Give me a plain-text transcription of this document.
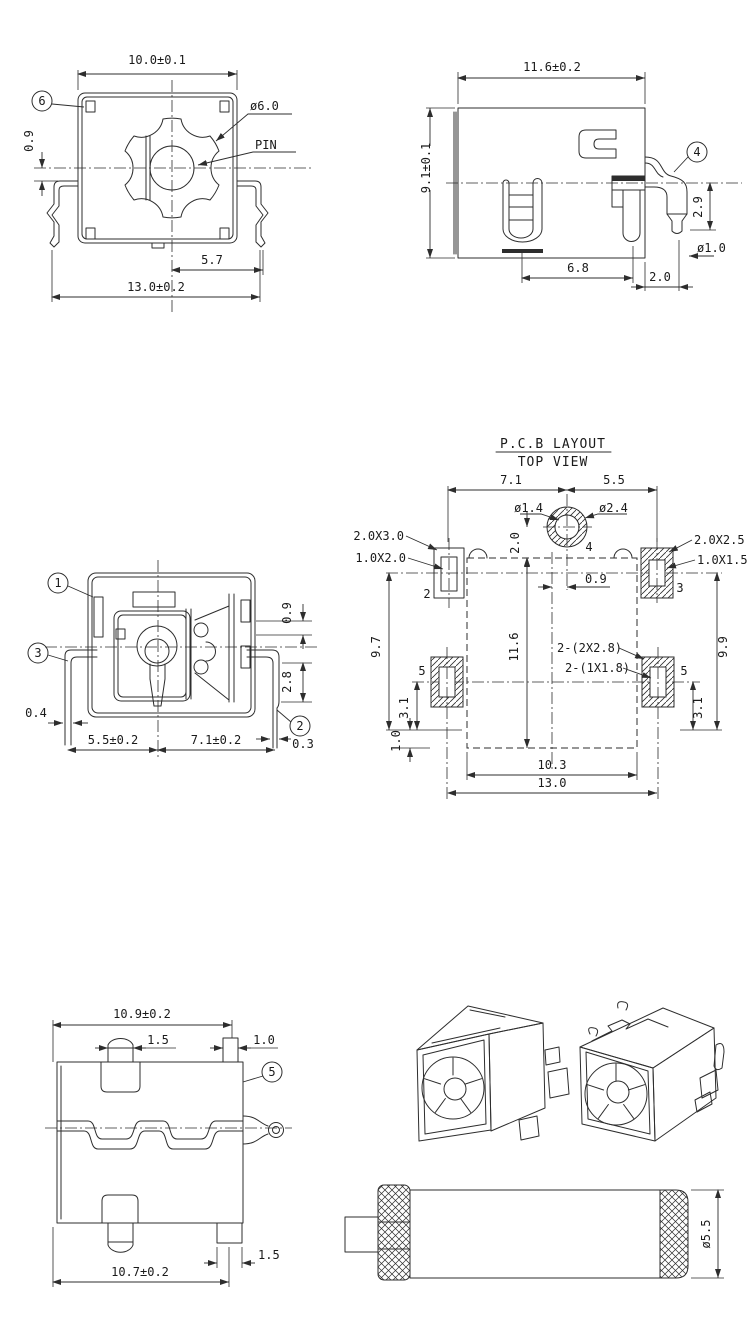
10.0±0.1
ø6.0
PIN
0.9
5.7
13.0±0.2
6
4
9.1±0.1
11.6±0.2
2.9
ø1.0
6.8
2.0
1
3
2
0.9
2.8
0.4
0.3
5.5±0.2	7.1±0.2
P.C.B LAYOUT
TOP VIEW
2.0X3.0
1.0X2.0
2
2.0X2.5
1.0X1.5
3
4
5	5
ø1.4	ø2.4
2-(2X2.8)
2-(1X1.8)
7.1	5.5
2.0
0.9
9.7
1.0
11.6	9.9
3.1	3.1
10.3
13.0
10.9±0.2
1.5	1.0
5
1.5
10.7±0.2
ø5.5
